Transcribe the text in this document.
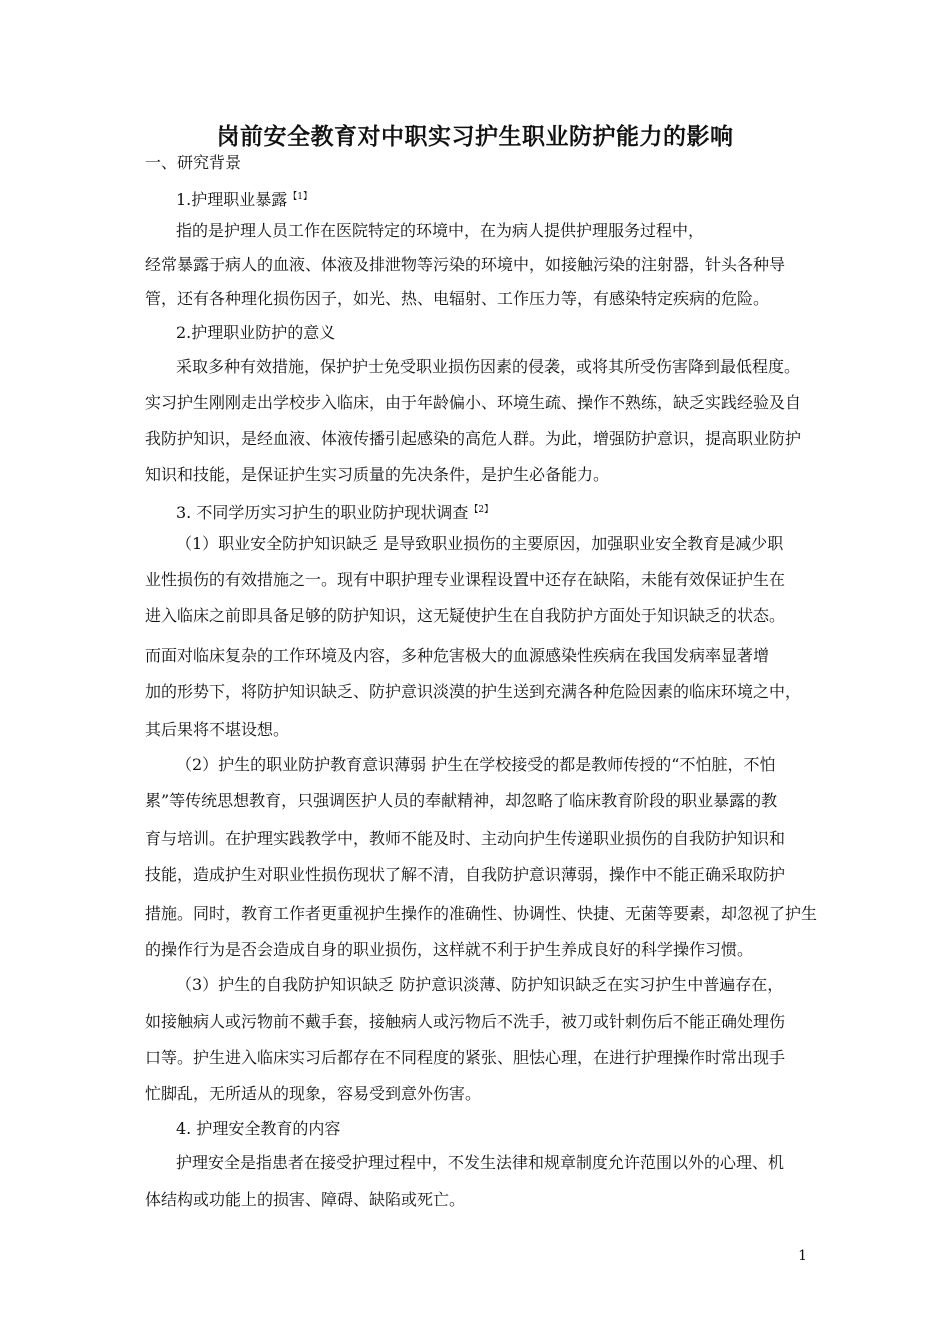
岗前安全教育对中职实习护生职业防护能力的影响

一、研究背景

1.护理职业暴露$^{【1】}$

指的是护理人员工作在医院特定的环境中，在为病人提供护理服务过程中，

经常暴露于病人的血液、体液及排泄物等污染的环境中，如接触污染的注射器，针头各种导

管，还有各种理化损伤因子，如光、热、电辐射、工作压力等，有感染特定疾病的危险。

2.护理职业防护的意义

采取多种有效措施，保护护士免受职业损伤因素的侵袭，或将其所受伤害降到最低程度。

实习护生刚刚走出学校步入临床，由于年龄偏小、环境生疏、操作不熟练，缺乏实践经验及自

我防护知识，是经血液、体液传播引起感染的高危人群。为此，增强防护意识，提高职业防护

知识和技能，是保证护生实习质量的先决条件，是护生必备能力。

3. 不同学历实习护生的职业防护现状调查$^{【2】}$

（1）职业安全防护知识缺乏 是导致职业损伤的主要原因，加强职业安全教育是减少职

业性损伤的有效措施之一。现有中职护理专业课程设置中还存在缺陷，未能有效保证护生在

进入临床之前即具备足够的防护知识，这无疑使护生在自我防护方面处于知识缺乏的状态。

而面对临床复杂的工作环境及内容，多种危害极大的血源感染性疾病在我国发病率显著增

加的形势下，将防护知识缺乏、防护意识淡漠的护生送到充满各种危险因素的临床环境之中，

其后果将不堪设想。

（2）护生的职业防护教育意识薄弱 护生在学校接受的都是教师传授的“不怕脏，不怕

累”等传统思想教育，只强调医护人员的奉献精神，却忽略了临床教育阶段的职业暴露的教

育与培训。在护理实践教学中，教师不能及时、主动向护生传递职业损伤的自我防护知识和

技能，造成护生对职业性损伤现状了解不清，自我防护意识薄弱，操作中不能正确采取防护

措施。同时，教育工作者更重视护生操作的准确性、协调性、快捷、无菌等要素，却忽视了护生

的操作行为是否会造成自身的职业损伤，这样就不利于护生养成良好的科学操作习惯。

（3）护生的自我防护知识缺乏 防护意识淡薄、防护知识缺乏在实习护生中普遍存在，

如接触病人或污物前不戴手套，接触病人或污物后不洗手，被刀或针刺伤后不能正确处理伤

口等。护生进入临床实习后都存在不同程度的紧张、胆怯心理，在进行护理操作时常出现手

忙脚乱，无所适从的现象，容易受到意外伤害。

4. 护理安全教育的内容

护理安全是指患者在接受护理过程中，不发生法律和规章制度允许范围以外的心理、机

体结构或功能上的损害、障碍、缺陷或死亡。

1
